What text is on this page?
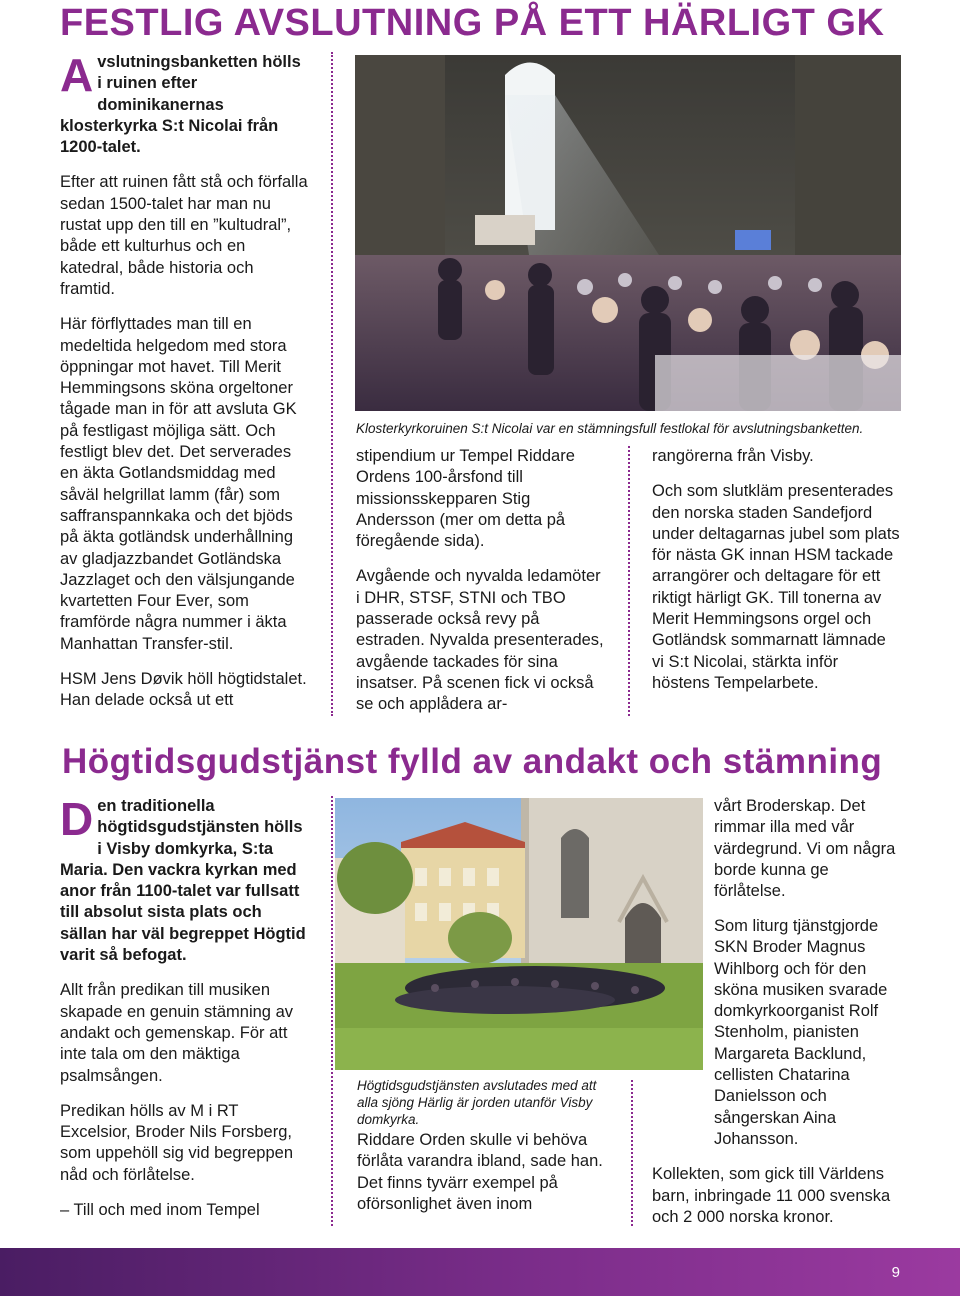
FESTLIG AVSLUTNING PÅ ETT HÄRLIGT GK

Avslutningsbanketten hölls i ruinen efter dominikanernas klosterkyrka S:t Nicolai från 1200-talet.

Efter att ruinen fått stå och förfalla sedan 1500-talet har man nu rustat upp den till en ”kultudral”, både ett kulturhus och en katedral, både historia och framtid.

Här förflyttades man till en medeltida helgedom med stora öppningar mot havet. Till Merit Hemmingsons sköna orgeltoner tågade man in för att avsluta GK på festligast möjliga sätt. Och festligt blev det. Det serverades en äkta Gotlandsmiddag med såväl helgrillat lamm (får) som saffranspannkaka och det bjöds på äkta gotländsk underhållning av gladjazzbandet Gotländska Jazzlaget och den välsjungande kvartetten Four Ever, som framförde några nummer i äkta Manhattan Transfer-stil.

HSM Jens Døvik höll högtidstalet. Han delade också ut ett

Klosterkyrkoruinen S:t Nicolai var en stämningsfull festlokal för avslutningsbanketten.

stipendium ur Tempel Riddare Ordens 100-årsfond till missionsskepparen Stig Andersson (mer om detta på föregående sida).

Avgående och nyvalda ledamöter i DHR, STSF, STNI och TBO passerade också revy på estraden. Nyvalda presenterades, avgående tackades för sina insatser. På scenen fick vi också se och applådera ar-

rangörerna från Visby.

Och som slutkläm presenterades den norska staden Sandefjord under deltagarnas jubel som plats för nästa GK innan HSM tackade arrangörer och deltagare för ett riktigt härligt GK. Till tonerna av Merit Hemmingsons orgel och Gotländsk sommarnatt lämnade vi S:t Nicolai, stärkta inför höstens Tempelarbete.

Högtidsgudstjänst fylld av andakt och stämning

Den traditionella högtidsgudstjänsten hölls i Visby domkyrka, S:ta Maria. Den vackra kyrkan med anor från 1100-talet var fullsatt till absolut sista plats och sällan har väl begreppet Högtid varit så befogat.

Allt från predikan till musiken skapade en genuin stämning av andakt och gemenskap. För att inte tala om den mäktiga psalmsången.

Predikan hölls av M i RT Excelsior, Broder Nils Forsberg, som uppehöll sig vid begreppen nåd och förlåtelse.

– Till och med inom Tempel

Högtidsgudstjänsten avslutades med att alla sjöng Härlig är jorden utanför Visby domkyrka.

Riddare Orden skulle vi behöva förlåta varandra ibland, sade han. Det finns tyvärr exempel på oförsonlighet även inom

vårt Broderskap. Det rimmar illa med vår värdegrund. Vi om några borde kunna ge förlåtelse.

Som liturg tjänstgjorde SKN Broder Magnus Wihlborg och för den sköna musiken svarade domkyrkoorganist Rolf Stenholm, pianisten Margareta Backlund, cellisten Chatarina Danielsson och sångerskan Aina Johansson.

Kollekten, som gick till Världens barn, inbringade 11 000 svenska och 2 000 norska kronor.

9
